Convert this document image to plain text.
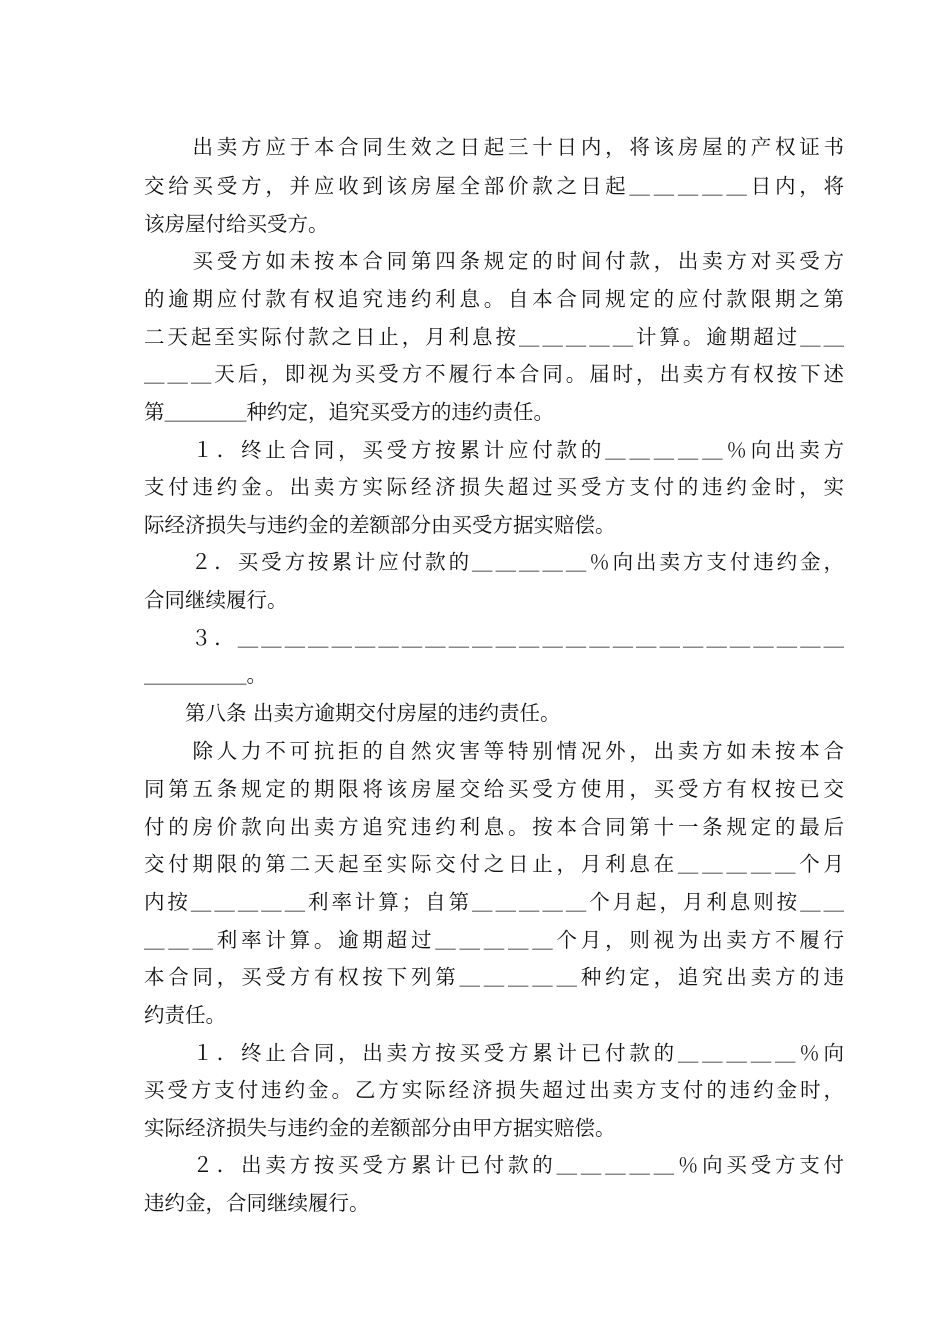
　　出卖方应于本合同生效之日起三十日内，将该房屋的产权证书
交给买受方，并应收到该房屋全部价款之日起＿＿＿＿＿日内，将
该房屋付给买受方。
　　买受方如未按本合同第四条规定的时间付款，出卖方对买受方
的逾期应付款有权追究违约利息。自本合同规定的应付款限期之第
二天起至实际付款之日止，月利息按＿＿＿＿＿计算。逾期超过＿＿
＿＿＿天后，即视为买受方不履行本合同。届时，出卖方有权按下述
第＿＿＿＿种约定，追究买受方的违约责任。
　　１．终止合同，买受方按累计应付款的＿＿＿＿＿％向出卖方
支付违约金。出卖方实际经济损失超过买受方支付的违约金时，实
际经济损失与违约金的差额部分由买受方据实赔偿。
　　２．买受方按累计应付款的＿＿＿＿＿％向出卖方支付违约金，
合同继续履行。
　　３．＿＿＿＿＿＿＿＿＿＿＿＿＿＿＿＿＿＿＿＿＿＿＿＿＿＿
＿＿＿＿＿。
　　第八条 出卖方逾期交付房屋的违约责任。
　　除人力不可抗拒的自然灾害等特别情况外，出卖方如未按本合
同第五条规定的期限将该房屋交给买受方使用，买受方有权按已交
付的房价款向出卖方追究违约利息。按本合同第十一条规定的最后
交付期限的第二天起至实际交付之日止，月利息在＿＿＿＿＿个月
内按＿＿＿＿＿利率计算；自第＿＿＿＿＿个月起，月利息则按＿＿
＿＿＿利率计算。逾期超过＿＿＿＿＿个月，则视为出卖方不履行
本合同，买受方有权按下列第＿＿＿＿＿种约定，追究出卖方的违
约责任。
　　１．终止合同，出卖方按买受方累计已付款的＿＿＿＿＿％向
买受方支付违约金。乙方实际经济损失超过出卖方支付的违约金时，
实际经济损失与违约金的差额部分由甲方据实赔偿。
　　２．出卖方按买受方累计已付款的＿＿＿＿＿％向买受方支付
违约金，合同继续履行。
